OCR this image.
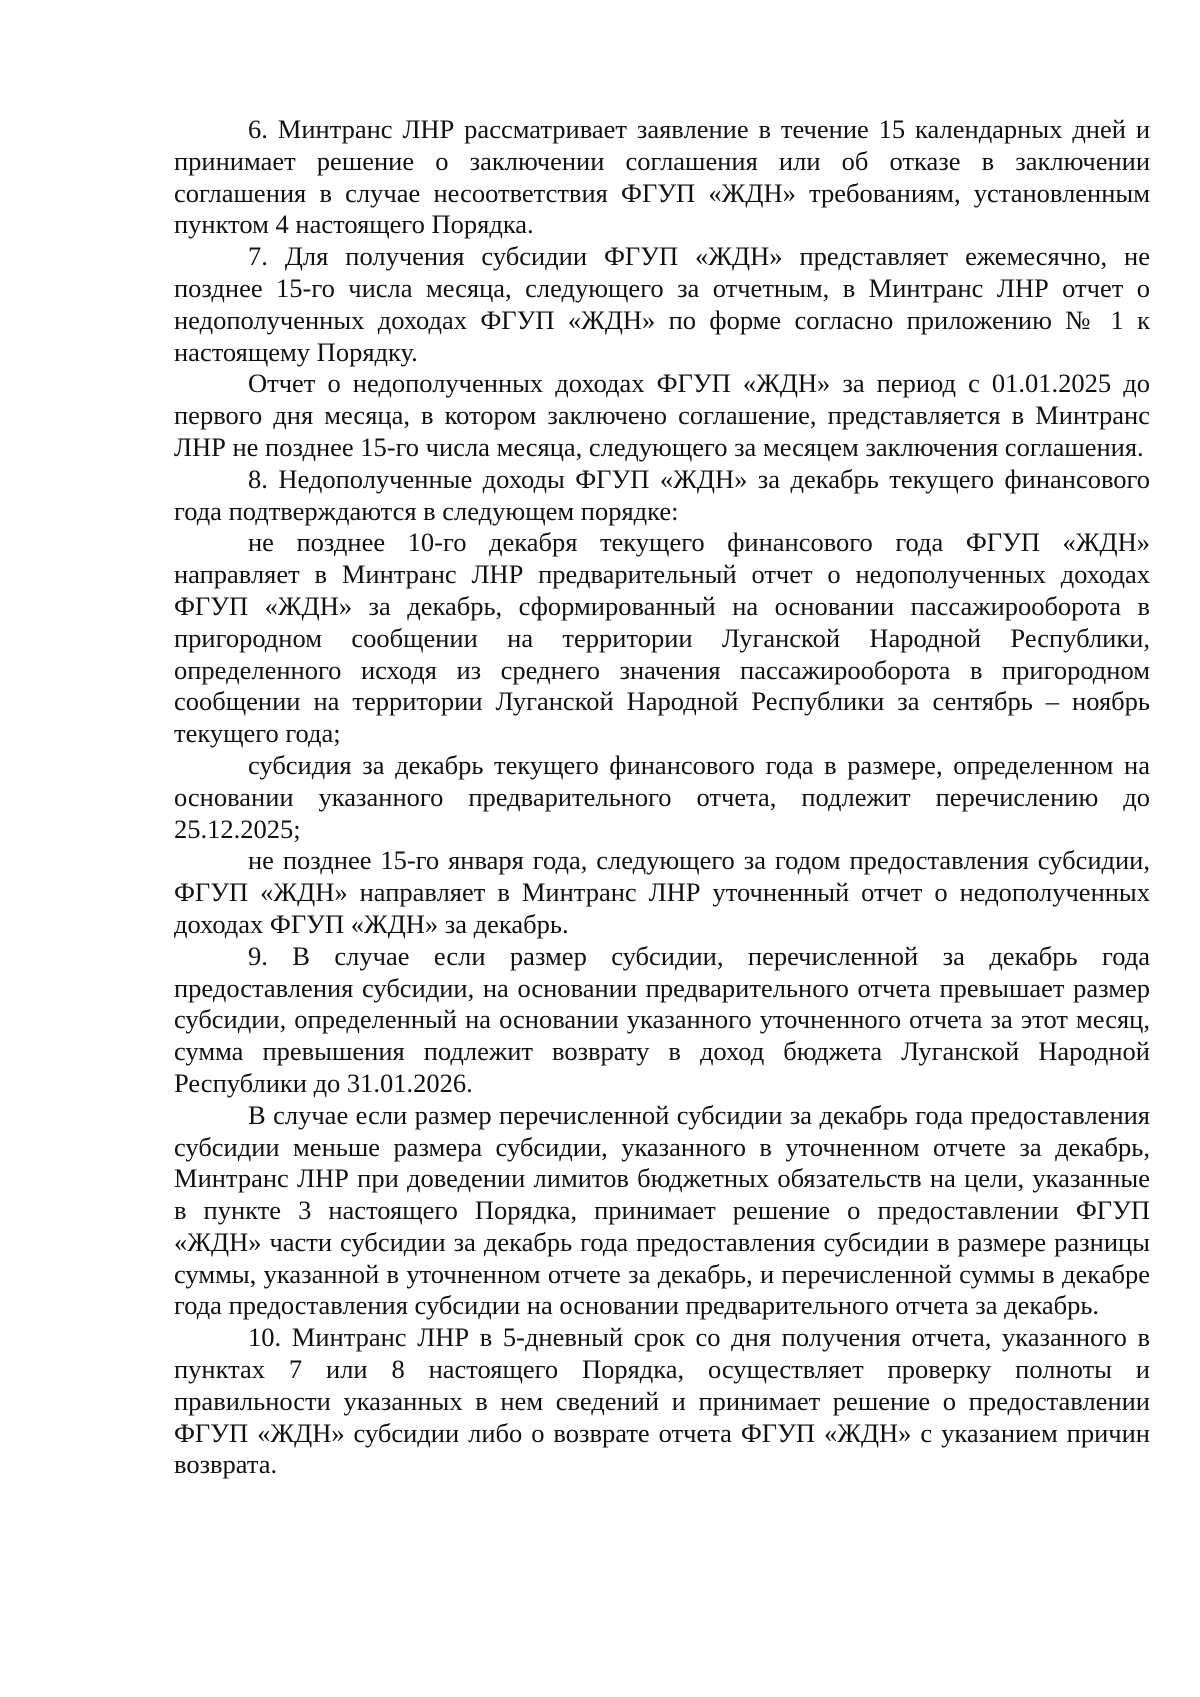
6. Минтранс ЛНР рассматривает заявление в течение 15 календарных дней и принимает решение о заключении соглашения или об отказе в заключении соглашения в случае несоответствия ФГУП «ЖДН» требованиям, установленным пунктом 4 настоящего Порядка.

7. Для получения субсидии ФГУП «ЖДН» представляет ежемесячно, не позднее 15-го числа месяца, следующего за отчетным, в Минтранс ЛНР отчет о недополученных доходах ФГУП «ЖДН» по форме согласно приложению № 1 к настоящему Порядку.

Отчет о недополученных доходах ФГУП «ЖДН» за период с 01.01.2025 до первого дня месяца, в котором заключено соглашение, представляется в Минтранс ЛНР не позднее 15-го числа месяца, следующего за месяцем заключения соглашения.

8. Недополученные доходы ФГУП «ЖДН» за декабрь текущего финансового года подтверждаются в следующем порядке:

не позднее 10-го декабря текущего финансового года ФГУП «ЖДН» направляет в Минтранс ЛНР предварительный отчет о недополученных доходах ФГУП «ЖДН» за декабрь, сформированный на основании пассажирооборота в пригородном сообщении на территории Луганской Народной Республики, определенного исходя из среднего значения пассажирооборота в пригородном сообщении на территории Луганской Народной Республики за сентябрь – ноябрь текущего года;

субсидия за декабрь текущего финансового года в размере, определенном на основании указанного предварительного отчета, подлежит перечислению до 25.12.2025;

не позднее 15-го января года, следующего за годом предоставления субсидии, ФГУП «ЖДН» направляет в Минтранс ЛНР уточненный отчет о недополученных доходах ФГУП «ЖДН» за декабрь.

9. В случае если размер субсидии, перечисленной за декабрь года предоставления субсидии, на основании предварительного отчета превышает размер субсидии, определенный на основании указанного уточненного отчета за этот месяц, сумма превышения подлежит возврату в доход бюджета Луганской Народной Республики до 31.01.2026.

В случае если размер перечисленной субсидии за декабрь года предоставления субсидии меньше размера субсидии, указанного в уточненном отчете за декабрь, Минтранс ЛНР при доведении лимитов бюджетных обязательств на цели, указанные в пункте 3 настоящего Порядка, принимает решение о предоставлении ФГУП «ЖДН» части субсидии за декабрь года предоставления субсидии в размере разницы суммы, указанной в уточненном отчете за декабрь, и перечисленной суммы в декабре года предоставления субсидии на основании предварительного отчета за декабрь.

10. Минтранс ЛНР в 5-дневный срок со дня получения отчета, указанного в пунктах 7 или 8 настоящего Порядка, осуществляет проверку полноты и правильности указанных в нем сведений и принимает решение о предоставлении ФГУП «ЖДН» субсидии либо о возврате отчета ФГУП «ЖДН» с указанием причин возврата.
